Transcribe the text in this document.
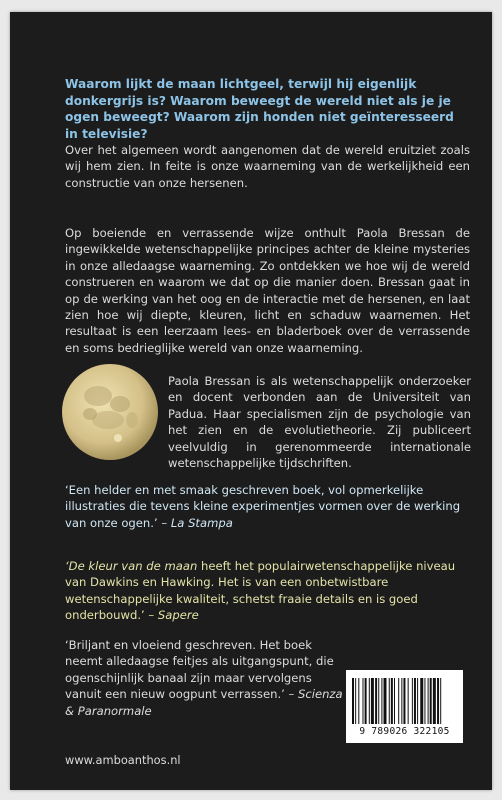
Waarom lijkt de maan lichtgeel, terwijl hij eigenlijk donkergrijs is? Waarom beweegt de wereld niet als je je ogen beweegt? Waarom zijn honden niet geïnteresseerd in televisie?

Over het algemeen wordt aangenomen dat de wereld eruitziet zoals wij hem zien. In feite is onze waarneming van de werkelijkheid een constructie van onze hersenen.

Op boeiende en verrassende wijze onthult Paola Bressan de ingewikkelde wetenschappelijke principes achter de kleine mysteries in onze alledaagse waarneming. Zo ontdekken we hoe wij de wereld construeren en waarom we dat op die manier doen. Bressan gaat in op de werking van het oog en de interactie met de hersenen, en laat zien hoe wij diepte, kleuren, licht en schaduw waarnemen. Het resultaat is een leerzaam lees- en bladerboek over de verrassende en soms bedrieglijke wereld van onze waarneming.

Paola Bressan is als wetenschappelijk onderzoeker en docent verbonden aan de Universiteit van Padua. Haar specialismen zijn de psychologie van het zien en de evolutietheorie. Zij publiceert veelvuldig in gerenommeerde internationale wetenschappelijke tijdschriften.

‘Een helder en met smaak geschreven boek, vol opmerkelijke illustraties die tevens kleine experimentjes vormen over de werking van onze ogen.’ – La Stampa

‘De kleur van de maan heeft het populairwetenschappelijke niveau van Dawkins en Hawking. Het is van een onbetwistbare wetenschappelijke kwaliteit, schetst fraaie details en is goed onderbouwd.’ – Sapere

‘Briljant en vloeiend geschreven. Het boek neemt alledaagse feitjes als uitgangspunt, die ogenschijnlijk banaal zijn maar vervolgens vanuit een nieuw oogpunt verrassen.’ – Scienza & Paranormale

9 789026 322105
www.amboanthos.nl
